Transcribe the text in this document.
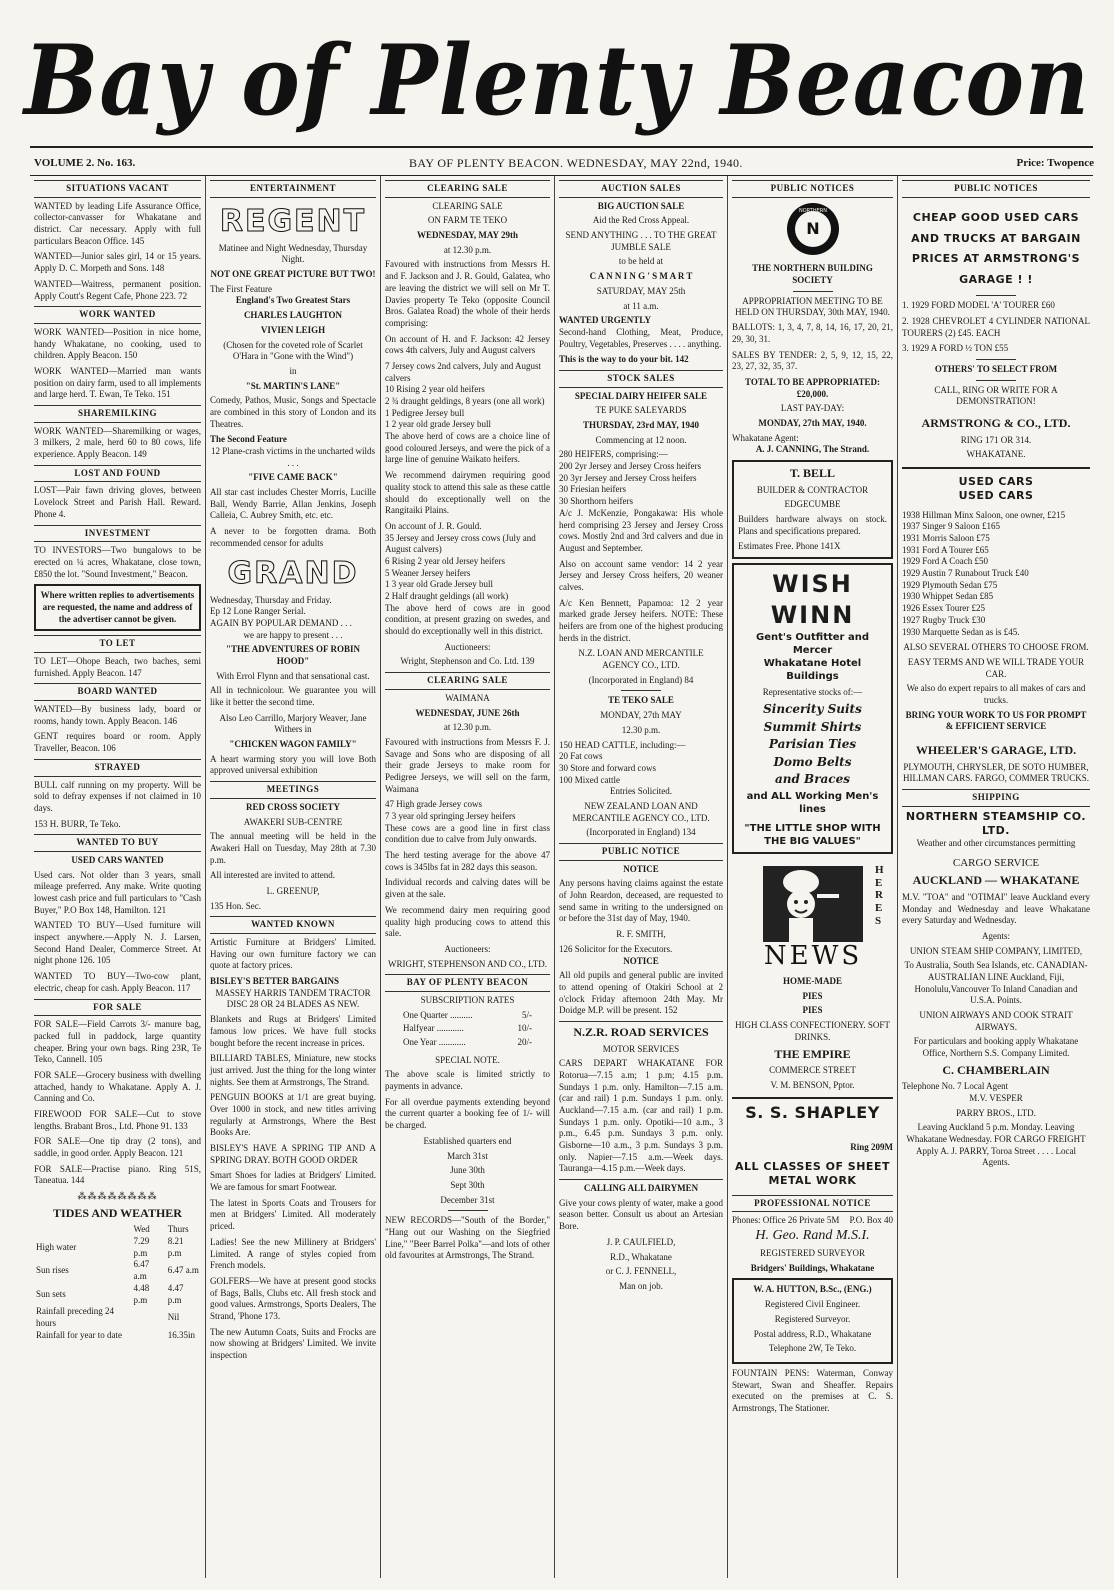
Bay of Plenty Beacon
VOLUME 2. No. 163.	BAY OF PLENTY BEACON. WEDNESDAY, MAY 22nd, 1940.	Price: Twopence
SITUATIONS VACANT

WANTED by leading Life Assurance Office, collector-canvasser for Whakatane and district. Car necessary. Apply with full particulars Beacon Office. 145

WANTED—Junior sales girl, 14 or 15 years. Apply D. C. Morpeth and Sons. 148

WANTED—Waitress, permanent position. Apply Coutt's Regent Cafe, Phone 223. 72

WORK WANTED

WORK WANTED—Position in nice home, handy Whakatane, no cooking, used to children. Apply Beacon. 150

WORK WANTED—Married man wants position on dairy farm, used to all implements and large herd. T. Ewan, Te Teko. 151

SHAREMILKING

WORK WANTED—Sharemilking or wages, 3 milkers, 2 male, herd 60 to 80 cows, life experience. Apply Beacon. 149

LOST AND FOUND

LOST—Pair fawn driving gloves, between Lovelock Street and Parish Hall. Reward. Phone 4.

INVESTMENT

TO INVESTORS—Two bungalows to be erected on ¼ acres, Whakatane, close town, £850 the lot. "Sound Investment," Beacon.

Where written replies to advertisements are requested, the name and address of the advertiser cannot be given.

TO LET

TO LET—Ohope Beach, two baches, semi furnished. Apply Beacon. 147

BOARD WANTED

WANTED—By business lady, board or rooms, handy town. Apply Beacon. 146

GENT requires board or room. Apply Traveller, Beacon. 106

STRAYED

BULL calf running on my property. Will be sold to defray expenses if not claimed in 10 days.

153 H. BURR, Te Teko.

WANTED TO BUY
USED CARS WANTED

Used cars. Not older than 3 years, small mileage preferred. Any make. Write quoting lowest cash price and full particulars to "Cash Buyer," P.O Box 148, Hamilton. 121

WANTED TO BUY—Used furniture will inspect anywhere.—Apply N. J. Larsen, Second Hand Dealer, Commerce Street. At night phone 126. 105

WANTED TO BUY—Two-cow plant, electric, cheap for cash. Apply Beacon. 117

FOR SALE

FOR SALE—Field Carrots 3/- manure bag, packed full in paddock, large quantity cheaper. Bring your own bags. Ring 23R, Te Teko, Cannell. 105

FOR SALE—Grocery business with dwelling attached, handy to Whakatane. Apply A. J. Canning and Co.

FIREWOOD FOR SALE—Cut to stove lengths. Brabant Bros., Ltd. Phone 91. 133

FOR SALE—One tip dray (2 tons), and saddle, in good order. Apply Beacon. 121

FOR SALE—Practise piano. Ring 51S, Taneatua. 144

⁂⁂⁂⁂⁂⁂⁂⁂
TIDES AND WEATHER
	Wed	Thurs
High water	7.29 p.m	8.21 p.m
Sun rises	6.47 a.m	6.47 a.m
Sun sets	4.48 p.m	4.47 p.m
Rainfall preceding 24 hours		Nil
Rainfall for year to date		16.35in
ENTERTAINMENT
REGENT
Matinee and Night Wednesday, Thursday Night.
NOT ONE GREAT PICTURE BUT TWO!
The First Feature
England's Two Greatest Stars
CHARLES LAUGHTON
VIVIEN LEIGH
(Chosen for the coveted role of Scarlet O'Hara in "Gone with the Wind")
in
"St. MARTIN'S LANE"

Comedy, Pathos, Music, Songs and Spectacle are combined in this story of London and its Theatres.

The Second Feature
12 Plane-crash victims in the uncharted wilds . . .
"FIVE CAME BACK"

All star cast includes Chester Morris, Lucille Ball, Wendy Barrie, Allan Jenkins, Joseph Calleia, C. Aubrey Smith, etc. etc.

A never to be forgotten drama. Both recommended censor for adults

GRAND
Wednesday, Thursday and Friday.
Ep 12 Lone Ranger Serial.
AGAIN BY POPULAR DEMAND . . .
we are happy to present . . .
"THE ADVENTURES OF ROBIN HOOD"
With Errol Flynn and that sensational cast.

All in technicolour. We guarantee you will like it better the second time.

Also Leo Carrillo, Marjory Weaver, Jane Withers in
"CHICKEN WAGON FAMILY"

A heart warming story you will love Both approved universal exhibition

MEETINGS
RED CROSS SOCIETY
AWAKERI SUB-CENTRE

The annual meeting will be held in the Awakeri Hall on Tuesday, May 28th at 7.30 p.m.

All interested are invited to attend.

L. GREENUP,
135 Hon. Sec.
WANTED KNOWN

Artistic Furniture at Bridgers' Limited. Having our own furniture factory we can quote at factory prices.

BISLEY'S BETTER BARGAINS

MASSEY HARRIS TANDEM TRACTOR DISC 28 OR 24 BLADES AS NEW.

Blankets and Rugs at Bridgers' Limited famous low prices. We have full stocks bought before the recent increase in prices.

BILLIARD TABLES, Miniature, new stocks just arrived. Just the thing for the long winter nights. See them at Armstrongs, The Strand.

PENGUIN BOOKS at 1/1 are great buying. Over 1000 in stock, and new titles arriving regularly at Armstrongs, Where the Best Books Are.

BISLEY'S HAVE A SPRING TIP AND A SPRING DRAY. BOTH GOOD ORDER

Smart Shoes for ladies at Bridgers' Limited. We are famous for smart Footwear.

The latest in Sports Coats and Trousers for men at Bridgers' Limited. All moderately priced.

Ladies! See the new Millinery at Bridgers' Limited. A range of styles copied from French models.

GOLFERS—We have at present good stocks of Bags, Balls, Clubs etc. All fresh stock and good values. Armstrongs, Sports Dealers, The Strand, 'Phone 173.

The new Autumn Coats, Suits and Frocks are now showing at Bridgers' Limited. We invite inspection

CLEARING SALE
CLEARING SALE
ON FARM TE TEKO
WEDNESDAY, MAY 29th
at 12.30 p.m.

Favoured with instructions from Messrs H. and F. Jackson and J. R. Gould, Galatea, who are leaving the district we will sell on Mr T. Davies property Te Teko (opposite Council Bros. Galatea Road) the whole of their herds comprising:

On account of H. and F. Jackson: 42 Jersey cows 4th calvers, July and August calvers

7 Jersey cows 2nd calvers, July and August calvers
10 Rising 2 year old heifers
2 ¾ draught geldings, 8 years (one all work)
1 Pedigree Jersey bull
1 2 year old grade Jersey bull

The above herd of cows are a choice line of good coloured Jerseys, and were the pick of a large line of genuine Waikato heifers.

We recommend dairymen requiring good quality stock to attend this sale as these cattle should do exceptionally well on the Rangitaiki Plains.

On account of J. R. Gould.
35 Jersey and Jersey cross cows (July and August calvers)
6 Rising 2 year old Jersey heifers
5 Weaner Jersey heifers
1 3 year old Grade Jersey bull
2 Half draught geldings (all work)

The above herd of cows are in good condition, at present grazing on swedes, and should do exceptionally well in this district.

Auctioneers:
Wright, Stephenson and Co. Ltd. 139
CLEARING SALE
WAIMANA
WEDNESDAY, JUNE 26th
at 12.30 p.m.

Favoured with instructions from Messrs F. J. Savage and Sons who are disposing of all their grade Jerseys to make room for Pedigree Jerseys, we will sell on the farm, Waimana

47 High grade Jersey cows
7 3 year old springing Jersey heifers

These cows are a good line in first class condition due to calve from July onwards.

The herd testing average for the above 47 cows is 345lbs fat in 282 days this season.

Individual records and calving dates will be given at the sale.

We recommend dairy men requiring good quality high producing cows to attend this sale.

Auctioneers:
WRIGHT, STEPHENSON AND CO., LTD.
BAY OF PLENTY BEACON
SUBSCRIPTION RATES
One Quarter ..........	5/-
Halfyear ............	10/-
One Year ............	20/-
SPECIAL NOTE.

The above scale is limited strictly to payments in advance.

For all overdue payments extending beyond the current quarter a booking fee of 1/- will be charged.

Established quarters end
March 31st
June 30th
Sept 30th
December 31st

NEW RECORDS—"South of the Border," "Hang out our Washing on the Siegfried Line," "Beer Barrel Polka"—and lots of other old favourites at Armstrongs, The Strand.

AUCTION SALES
BIG AUCTION SALE
Aid the Red Cross Appeal.
SEND ANYTHING . . . TO THE GREAT JUMBLE SALE
to be held at
C A N N I N G ' S M A R T
SATURDAY, MAY 25th
at 11 a.m.
WANTED URGENTLY

Second-hand Clothing, Meat, Produce, Poultry, Vegetables, Preserves . . . . anything.

This is the way to do your bit. 142
STOCK SALES
SPECIAL DAIRY HEIFER SALE
TE PUKE SALEYARDS
THURSDAY, 23rd MAY, 1940
Commencing at 12 noon.
280 HEIFERS, comprising:—
200 2yr Jersey and Jersey Cross heifers
20 3yr Jersey and Jersey Cross heifers
30 Friesian heifers
30 Shorthorn heifers

A/c J. McKenzie, Pongakawa: His whole herd comprising 23 Jersey and Jersey Cross cows. Mostly 2nd and 3rd calvers and due in August and September.

Also on account same vendor: 14 2 year Jersey and Jersey Cross heifers, 20 weaner calves.

A/c Ken Bennett, Papamoa: 12 2 year marked grade Jersey heifers. NOTE: These heifers are from one of the highest producing herds in the district.

N.Z. LOAN AND MERCANTILE AGENCY CO., LTD.
(Incorporated in England) 84
TE TEKO SALE
MONDAY, 27th MAY
12.30 p.m.
150 HEAD CATTLE, including:—
20 Fat cows
30 Store and forward cows
100 Mixed cattle
Entries Solicited.
NEW ZEALAND LOAN AND MERCANTILE AGENCY CO., LTD.
(Incorporated in England) 134
PUBLIC NOTICE
NOTICE

Any persons having claims against the estate of John Reardon, deceased, are requested to send same in writing to the undersigned on or before the 31st day of May, 1940.

R. F. SMITH,
126 Solicitor for the Executors.
NOTICE

All old pupils and general public are invited to attend opening of Otakiri School at 2 o'clock Friday afternoon 24th May. Mr Doidge M.P. will be present. 152

N.Z.R. ROAD SERVICES
MOTOR SERVICES

CARS DEPART WHAKATANE FOR Rotorua—7.15 a.m; 1 p.m; 4.15 p.m. Sundays 1 p.m. only. Hamilton—7.15 a.m. (car and rail) 1 p.m. Sundays 1 p.m. only. Auckland—7.15 a.m. (car and rail) 1 p.m. Sundays 1 p.m. only. Opotiki—10 a.m., 3 p.m., 6.45 p.m. Sundays 3 p.m. only. Gisborne—10 a.m., 3 p.m. Sundays 3 p.m. only. Napier—7.15 a.m.—Week days. Tauranga—4.15 p.m.—Week days.

CALLING ALL DAIRYMEN

Give your cows plenty of water, make a good season better. Consult us about an Artesian Bore.

J. P. CAULFIELD,
R.D., Whakatane
or C. J. FENNELL,
Man on job.
PUBLIC NOTICES
N
NORTHERN
THE NORTHERN BUILDING SOCIETY

APPROPRIATION MEETING TO BE HELD ON THURSDAY, 30th MAY, 1940.

BALLOTS: 1, 3, 4, 7, 8, 14, 16, 17, 20, 21, 29, 30, 31.

SALES BY TENDER: 2, 5, 9, 12, 15, 22, 23, 27, 32, 35, 37.

TOTAL TO BE APPROPRIATED: £20,000.
LAST PAY-DAY:
MONDAY, 27th MAY, 1940.
Whakatane Agent:
A. J. CANNING, The Strand.
T. BELL
BUILDER & CONTRACTOR
EDGECUMBE

Builders hardware always on stock. Plans and specifications prepared.

Estimates Free. Phone 141X
WISH WINN
Gent's Outfitter and Mercer
Whakatane Hotel Buildings
Representative stocks of:—
Sincerity Suits
Summit Shirts
Parisian Ties
Domo Belts
and Braces
and ALL Working Men's lines
"THE LITTLE SHOP WITH THE BIG VALUES"
NEWS
HERES
HOME-MADE
PIES
PIES
HIGH CLASS CONFECTIONERY. SOFT DRINKS.
THE EMPIRE
COMMERCE STREET
V. M. BENSON, Pptor.
S. S. SHAPLEY
Ring 209M
ALL CLASSES OF SHEET METAL WORK
PROFESSIONAL NOTICE
Phones: Office 26 Private 5M P.O. Box 40
H. Geo. Rand M.S.I.
REGISTERED SURVEYOR
Bridgers' Buildings, Whakatane
W. A. HUTTON, B.Sc., (ENG.)
Registered Civil Engineer.
Registered Surveyor.
Postal address, R.D., Whakatane
Telephone 2W, Te Teko.

FOUNTAIN PENS: Waterman, Conway Stewart, Swan and Sheaffer. Repairs executed on the premises at C. S. Armstrongs, The Stationer.

PUBLIC NOTICES
CHEAP GOOD USED CARS AND TRUCKS AT BARGAIN PRICES AT ARMSTRONG'S GARAGE ! !

1. 1929 FORD MODEL 'A' TOURER £60

2. 1928 CHEVROLET 4 CYLINDER NATIONAL TOURERS (2) £45. EACH

3. 1929 A FORD ½ TON £55

OTHERS' TO SELECT FROM
CALL, RING OR WRITE FOR A DEMONSTRATION!
ARMSTRONG & CO., LTD.
RING 171 OR 314.
WHAKATANE.
USED CARS
USED CARS
1938 Hillman Minx Saloon, one owner, £215
1937 Singer 9 Saloon £165
1931 Morris Saloon £75
1931 Ford A Tourer £65
1929 Ford A Coach £50
1929 Austin 7 Runabout Truck £40
1929 Plymouth Sedan £75
1930 Whippet Sedan £85
1926 Essex Tourer £25
1927 Rugby Truck £30
1930 Marquette Sedan as is £45.
ALSO SEVERAL OTHERS TO CHOOSE FROM.
EASY TERMS AND WE WILL TRADE YOUR CAR.
We also do expert repairs to all makes of cars and trucks.
BRING YOUR WORK TO US FOR PROMPT & EFFICIENT SERVICE
WHEELER'S GARAGE, LTD.
PLYMOUTH, CHRYSLER, DE SOTO HUMBER, HILLMAN CARS. FARGO, COMMER TRUCKS.
SHIPPING
NORTHERN STEAMSHIP CO. LTD.
Weather and other circumstances permitting
CARGO SERVICE
AUCKLAND — WHAKATANE

M.V. "TOA" and "OTIMAI" leave Auckland every Monday and Wednesday and leave Whakatane every Saturday and Wednesday.

Agents:
UNION STEAM SHIP COMPANY, LIMITED,

To Australia, South Sea Islands, etc. CANADIAN-AUSTRALIAN LINE Auckland, Fiji, Honolulu,Vancouver To Inland Canadian and U.S.A. Points.

UNION AIRWAYS AND COOK STRAIT AIRWAYS.

For particulars and booking apply Whakatane Office, Northern S.S. Company Limited.

C. CHAMBERLAIN
Telephone No. 7 Local Agent
M.V. VESPER
PARRY BROS., LTD.

Leaving Auckland 5 p.m. Monday. Leaving Whakatane Wednesday. FOR CARGO FREIGHT Apply A. J. PARRY, Toroa Street . . . . Local Agents.
